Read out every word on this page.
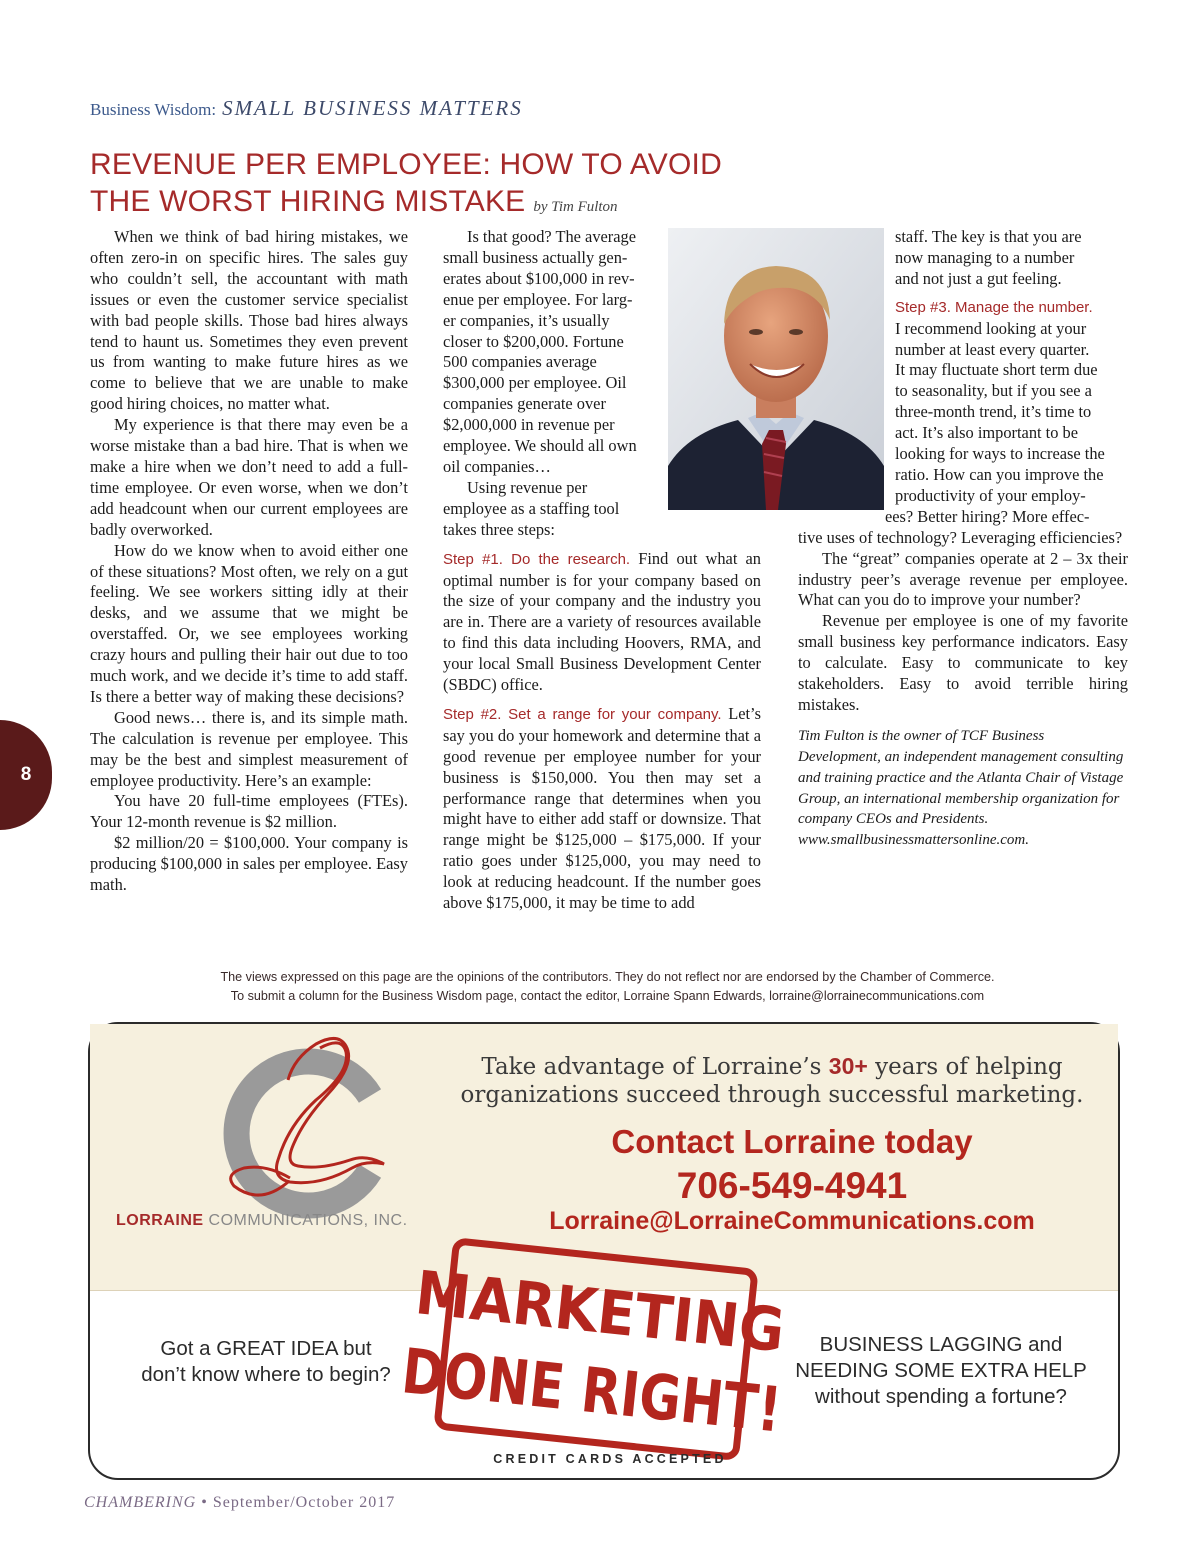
Business Wisdom: SMALL BUSINESS MATTERS
REVENUE PER EMPLOYEE: HOW TO AVOID
THE WORST HIRING MISTAKE by Tim Fulton

When we think of bad hiring mistakes, we often zero-in on specific hires. The sales guy who couldn’t sell, the accountant with math issues or even the customer service specialist with bad people skills. Those bad hires always tend to haunt us. Sometimes they even prevent us from wanting to make future hires as we come to believe that we are unable to make good hiring choices, no matter what.

My experience is that there may even be a worse mistake than a bad hire. That is when we make a hire when we don’t need to add a full-time employee. Or even worse, when we don’t add headcount when our current employees are badly overworked.

How do we know when to avoid either one of these situations? Most often, we rely on a gut feeling. We see workers sitting idly at their desks, and we assume that we might be overstaffed. Or, we see employees working crazy hours and pulling their hair out due to too much work, and we decide it’s time to add staff. Is there a better way of making these decisions?

Good news… there is, and its simple math. The calculation is revenue per employee. This may be the best and simplest measurement of employee productivity. Here’s an example:

You have 20 full-time employees (FTEs). Your 12-month revenue is $2 million.

$2 million/20 = $100,000. Your company is producing $100,000 in sales per employee. Easy math.

Is that good? The average
small business actually gen-
erates about $100,000 in rev-
enue per employee. For larg-
er companies, it’s usually
closer to $200,000. Fortune
500 companies average
$300,000 per employee. Oil
companies generate over
$2,000,000 in revenue per
employee. We should all own
oil companies…
Using revenue per
employee as a staffing tool
takes three steps:

Step #1. Do the research. Find out what an optimal number is for your company based on the size of your company and the industry you are in. There are a variety of resources available to find this data including Hoovers, RMA, and your local Small Business Development Center (SBDC) office.

Step #2. Set a range for your company. Let’s say you do your homework and determine that a good revenue per employee number for your business is $150,000. You then may set a performance range that determines when you might have to either add staff or downsize. That range might be $125,000 – $175,000. If your ratio goes under $125,000, you may need to look at reducing headcount. If the number goes above $175,000, it may be time to add

staff. The key is that you are
now managing to a number
and not just a gut feeling.
Step #3. Manage the number.
I recommend looking at your
number at least every quarter.
It may fluctuate short term due
to seasonality, but if you see a
three-month trend, it’s time to
act. It’s also important to be
looking for ways to increase the
ratio. How can you improve the
productivity of your employ-
ees? Better hiring? More effec-

tive uses of technology? Leveraging efficiencies?

The “great” companies operate at 2 – 3x their industry peer’s average revenue per employee. What can you do to improve your number?

Revenue per employee is one of my favorite small business key performance indicators. Easy to calculate. Easy to communicate to key stakeholders. Easy to avoid terrible hiring mistakes.

Tim Fulton is the owner of TCF Business Development, an independent management consulting and training practice and the Atlanta Chair of Vistage Group, an international membership organization for company CEOs and Presidents. www.smallbusinessmattersonline.com.

8
The views expressed on this page are the opinions of the contributors. They do not reflect nor are endorsed by the Chamber of Commerce.
To submit a column for the Business Wisdom page, contact the editor, Lorraine Spann Edwards, lorraine@lorrainecommunications.com
LORRAINE COMMUNICATIONS, INC.
Take advantage of Lorraine’s 30+ years of helping organizations succeed through successful marketing.
Contact Lorraine today
706-549-4941
Lorraine@LorraineCommunications.com
MARKETING
DONE RIGHT!
Got a GREAT IDEA but don’t know where to begin?
BUSINESS LAGGING and NEEDING SOME EXTRA HELP without spending a fortune?
CREDIT CARDS ACCEPTED
CHAMBERING • September/October 2017
